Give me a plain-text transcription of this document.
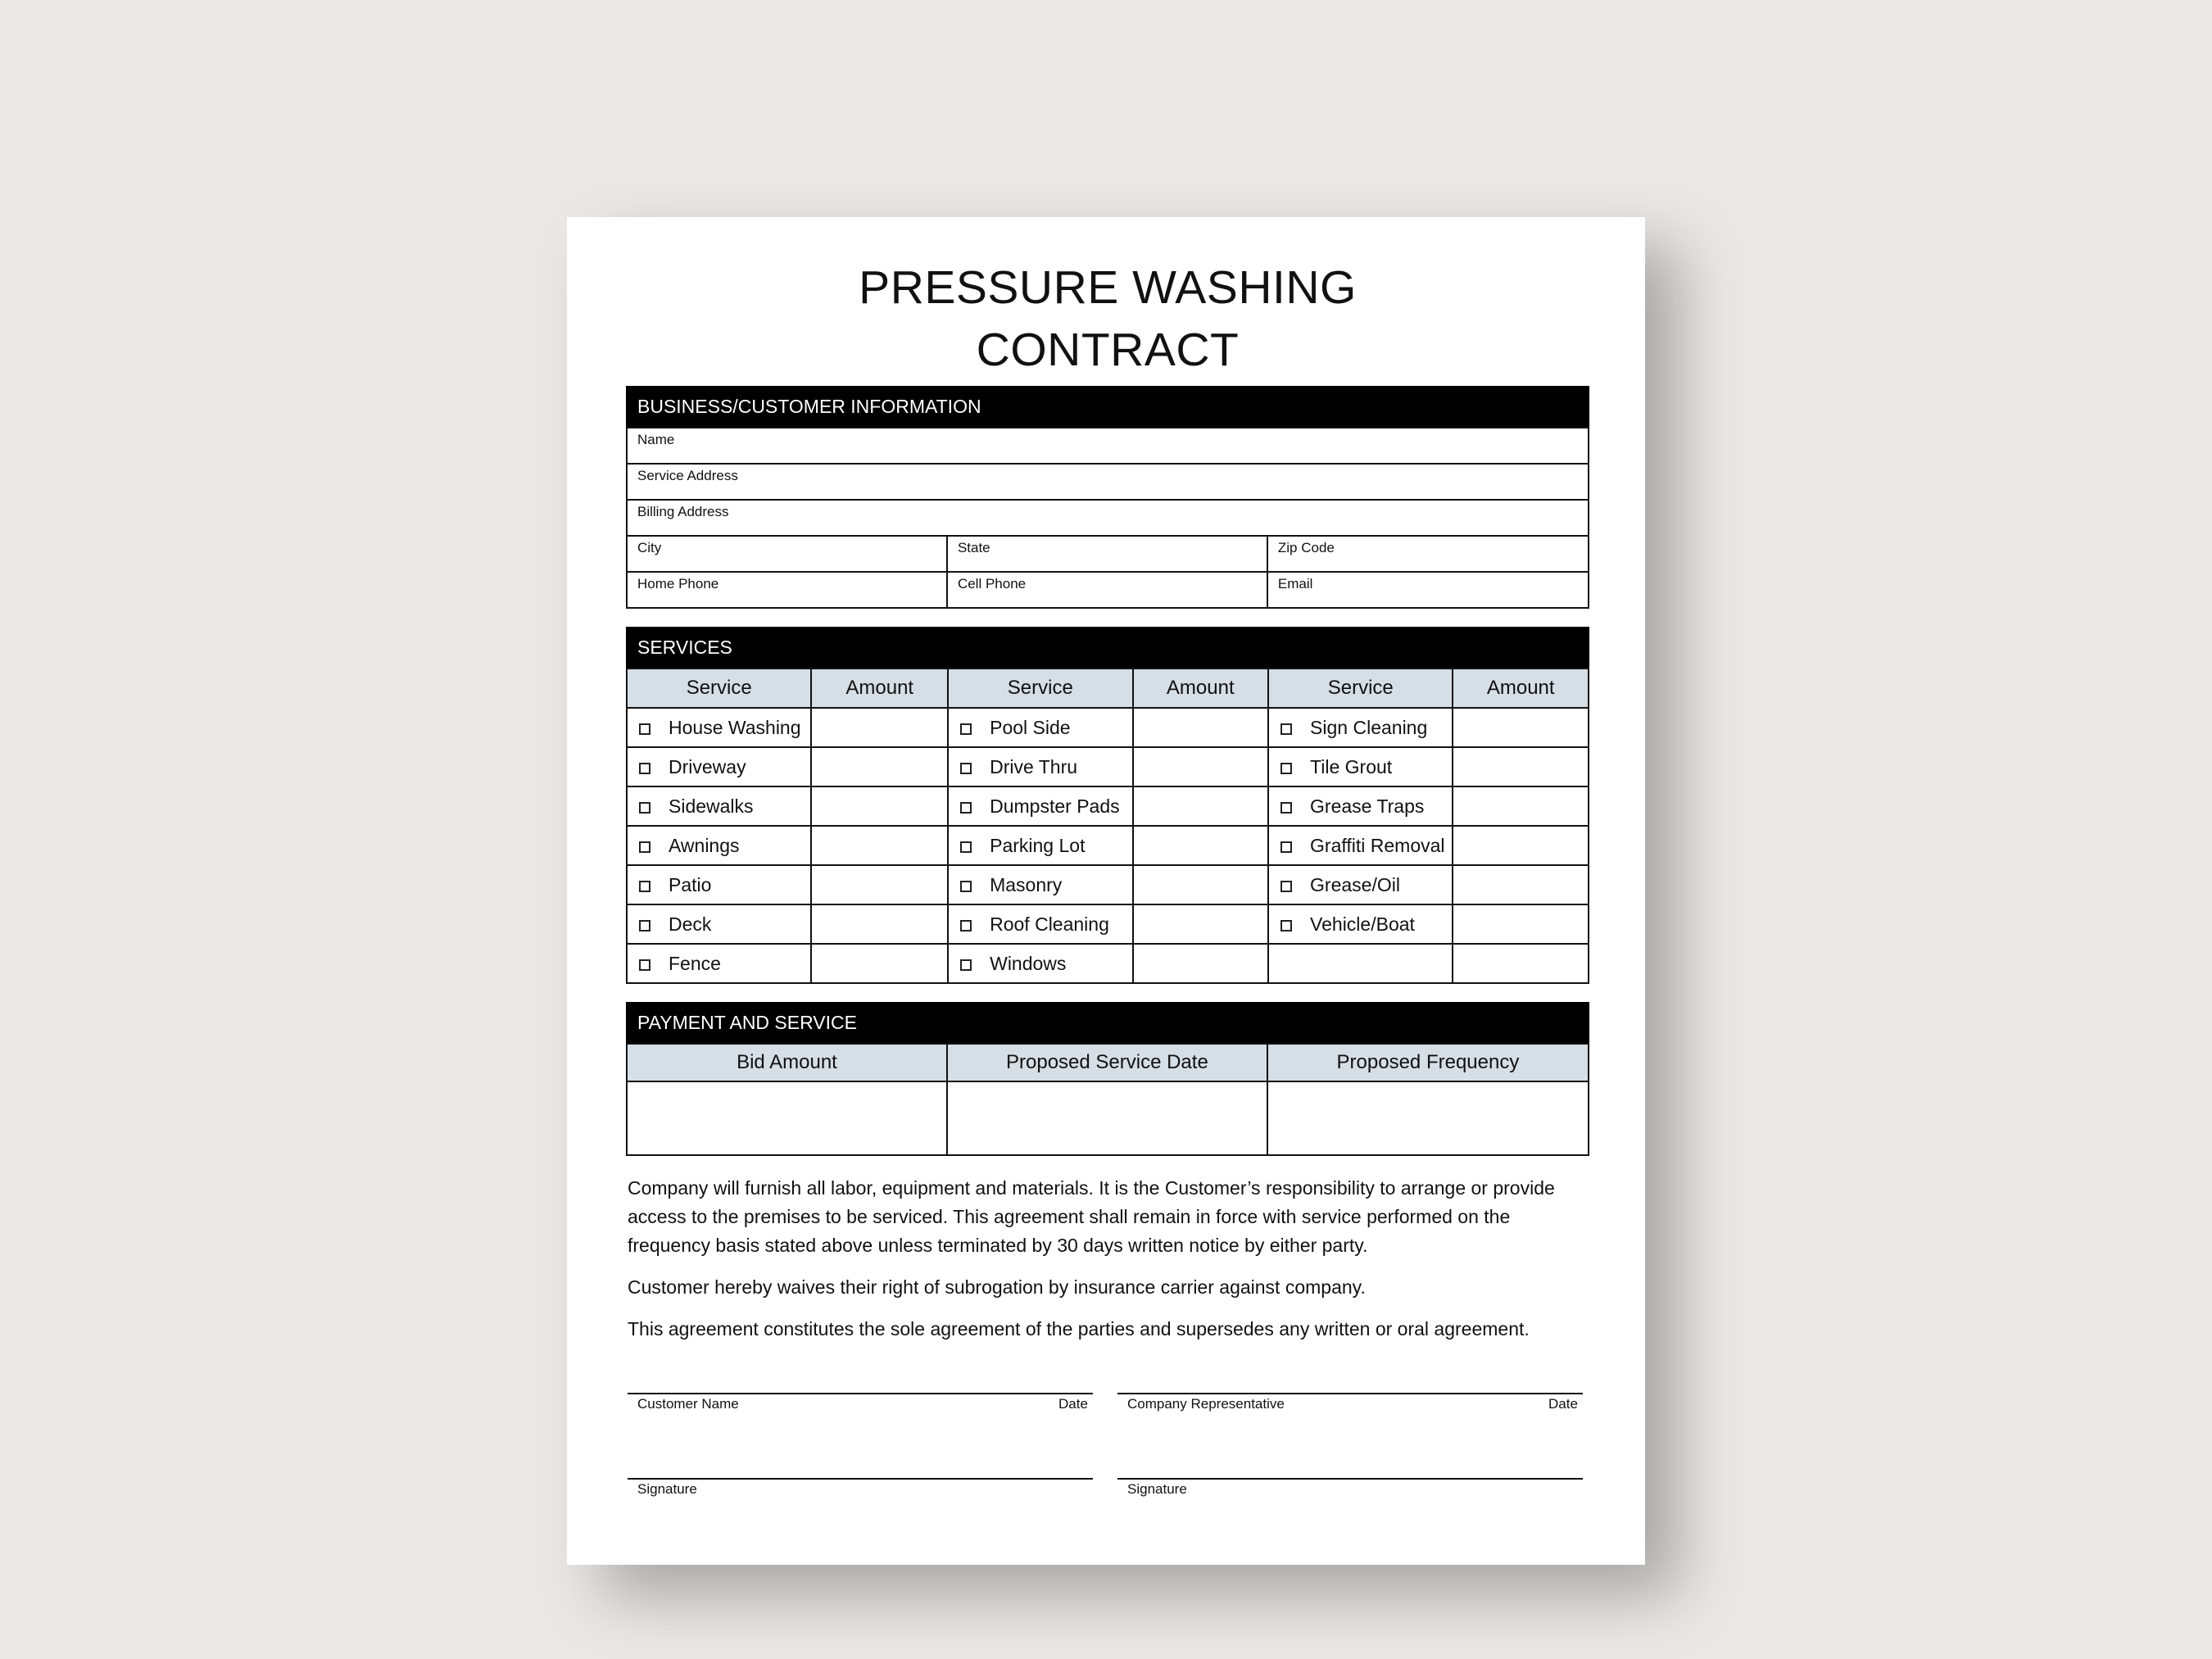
PRESSURE WASHING
CONTRACT
BUSINESS/CUSTOMER INFORMATION
Name		
Service Address		
Billing Address		
City	State	Zip Code
Home Phone	Cell Phone	Email
SERVICES
Service	Amount	Service	Amount	Service	Amount
House Washing		Pool Side		Sign Cleaning	
Driveway		Drive Thru		Tile Grout	
Sidewalks		Dumpster Pads		Grease Traps	
Awnings		Parking Lot		Graffiti Removal	
Patio		Masonry		Grease/Oil	
Deck		Roof Cleaning		Vehicle/Boat	
Fence		Windows			
PAYMENT AND SERVICE
Bid Amount	Proposed Service Date	Proposed Frequency

Company will furnish all labor, equipment and materials. It is the Customer’s responsibility to arrange or provide access to the premises to be serviced. This agreement shall remain in force with service performed on the frequency basis stated above unless terminated by 30 days written notice by either party.

Customer hereby waives their right of subrogation by insurance carrier against company.

This agreement constitutes the sole agreement of the parties and supersedes any written or oral agreement.

Customer Name	Date	Company Representative	Date
Signature	Signature
